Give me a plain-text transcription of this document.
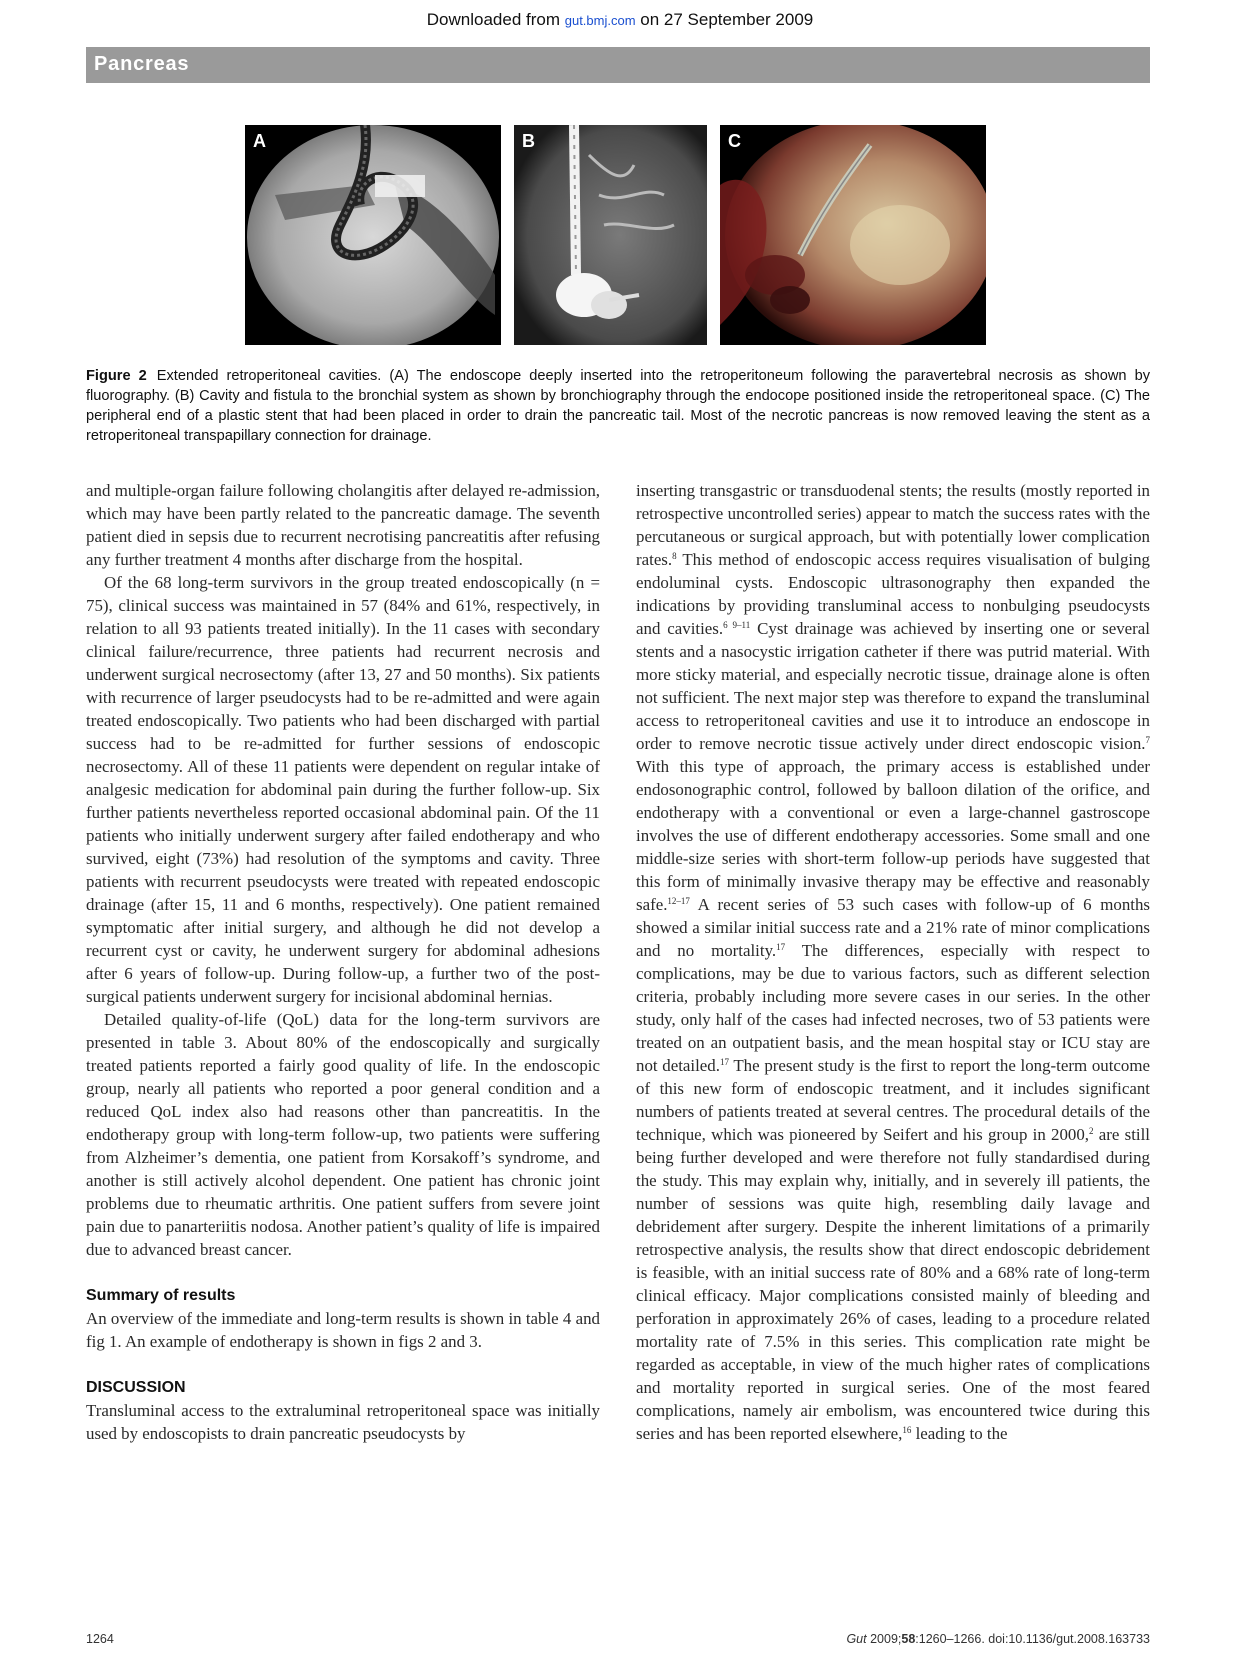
Downloaded from gut.bmj.com on 27 September 2009
Pancreas
A	B	C
Figure 2 Extended retroperitoneal cavities. (A) The endoscope deeply inserted into the retroperitoneum following the paravertebral necrosis as shown by fluorography. (B) Cavity and fistula to the bronchial system as shown by bronchiography through the endocope positioned inside the retroperitoneal space. (C) The peripheral end of a plastic stent that had been placed in order to drain the pancreatic tail. Most of the necrotic pancreas is now removed leaving the stent as a retroperitoneal transpapillary connection for drainage.

and multiple-organ failure following cholangitis after delayed re-admission, which may have been partly related to the pancreatic damage. The seventh patient died in sepsis due to recurrent necrotising pancreatitis after refusing any further treatment 4 months after discharge from the hospital.

Of the 68 long-term survivors in the group treated endoscopically (n = 75), clinical success was maintained in 57 (84% and 61%, respectively, in relation to all 93 patients treated initially). In the 11 cases with secondary clinical failure/recurrence, three patients had recurrent necrosis and underwent surgical necrosectomy (after 13, 27 and 50 months). Six patients with recurrence of larger pseudocysts had to be re-admitted and were again treated endoscopically. Two patients who had been discharged with partial success had to be re-admitted for further sessions of endoscopic necrosectomy. All of these 11 patients were dependent on regular intake of analgesic medication for abdominal pain during the further follow-up. Six further patients nevertheless reported occasional abdominal pain. Of the 11 patients who initially underwent surgery after failed endotherapy and who survived, eight (73%) had resolution of the symptoms and cavity. Three patients with recurrent pseudocysts were treated with repeated endoscopic drainage (after 15, 11 and 6 months, respectively). One patient remained symptomatic after initial surgery, and although he did not develop a recurrent cyst or cavity, he underwent surgery for abdominal adhesions after 6 years of follow-up. During follow-up, a further two of the post-surgical patients underwent surgery for incisional abdominal hernias.

Detailed quality-of-life (QoL) data for the long-term survivors are presented in table 3. About 80% of the endoscopically and surgically treated patients reported a fairly good quality of life. In the endoscopic group, nearly all patients who reported a poor general condition and a reduced QoL index also had reasons other than pancreatitis. In the endotherapy group with long-term follow-up, two patients were suffering from Alzheimer’s dementia, one patient from Korsakoff’s syndrome, and another is still actively alcohol dependent. One patient has chronic joint problems due to rheumatic arthritis. One patient suffers from severe joint pain due to panarteriitis nodosa. Another patient’s quality of life is impaired due to advanced breast cancer.

Summary of results

An overview of the immediate and long-term results is shown in table 4 and fig 1. An example of endotherapy is shown in figs 2 and 3.

DISCUSSION

Transluminal access to the extraluminal retroperitoneal space was initially used by endoscopists to drain pancreatic pseudocysts by

inserting transgastric or transduodenal stents; the results (mostly reported in retrospective uncontrolled series) appear to match the success rates with the percutaneous or surgical approach, but with potentially lower complication rates.$^8$ This method of endoscopic access requires visualisation of bulging endoluminal cysts. Endoscopic ultrasonography then expanded the indications by providing transluminal access to nonbulging pseudocysts and cavities.$^{6 9-11}$ Cyst drainage was achieved by inserting one or several stents and a nasocystic irrigation catheter if there was putrid material. With more sticky material, and especially necrotic tissue, drainage alone is often not sufficient. The next major step was therefore to expand the transluminal access to retroperitoneal cavities and use it to introduce an endoscope in order to remove necrotic tissue actively under direct endoscopic vision.$^7$ With this type of approach, the primary access is established under endosonographic control, followed by balloon dilation of the orifice, and endotherapy with a conventional or even a large-channel gastroscope involves the use of different endotherapy accessories. Some small and one middle-size series with short-term follow-up periods have suggested that this form of minimally invasive therapy may be effective and reasonably safe.$^{12-17}$ A recent series of 53 such cases with follow-up of 6 months showed a similar initial success rate and a 21% rate of minor complications and no mortality.$^{17}$ The differences, especially with respect to complications, may be due to various factors, such as different selection criteria, probably including more severe cases in our series. In the other study, only half of the cases had infected necroses, two of 53 patients were treated on an outpatient basis, and the mean hospital stay or ICU stay are not detailed.$^{17}$ The present study is the first to report the long-term outcome of this new form of endoscopic treatment, and it includes significant numbers of patients treated at several centres. The procedural details of the technique, which was pioneered by Seifert and his group in 2000,$^2$ are still being further developed and were therefore not fully standardised during the study. This may explain why, initially, and in severely ill patients, the number of sessions was quite high, resembling daily lavage and debridement after surgery. Despite the inherent limitations of a primarily retrospective analysis, the results show that direct endoscopic debridement is feasible, with an initial success rate of 80% and a 68% rate of long-term clinical efficacy. Major complications consisted mainly of bleeding and perforation in approximately 26% of cases, leading to a procedure related mortality rate of 7.5% in this series. This complication rate might be regarded as acceptable, in view of the much higher rates of complications and mortality reported in surgical series. One of the most feared complications, namely air embolism, was encountered twice during this series and has been reported elsewhere,$^{16}$ leading to the

1264	Gut 2009;58:1260–1266. doi:10.1136/gut.2008.163733
